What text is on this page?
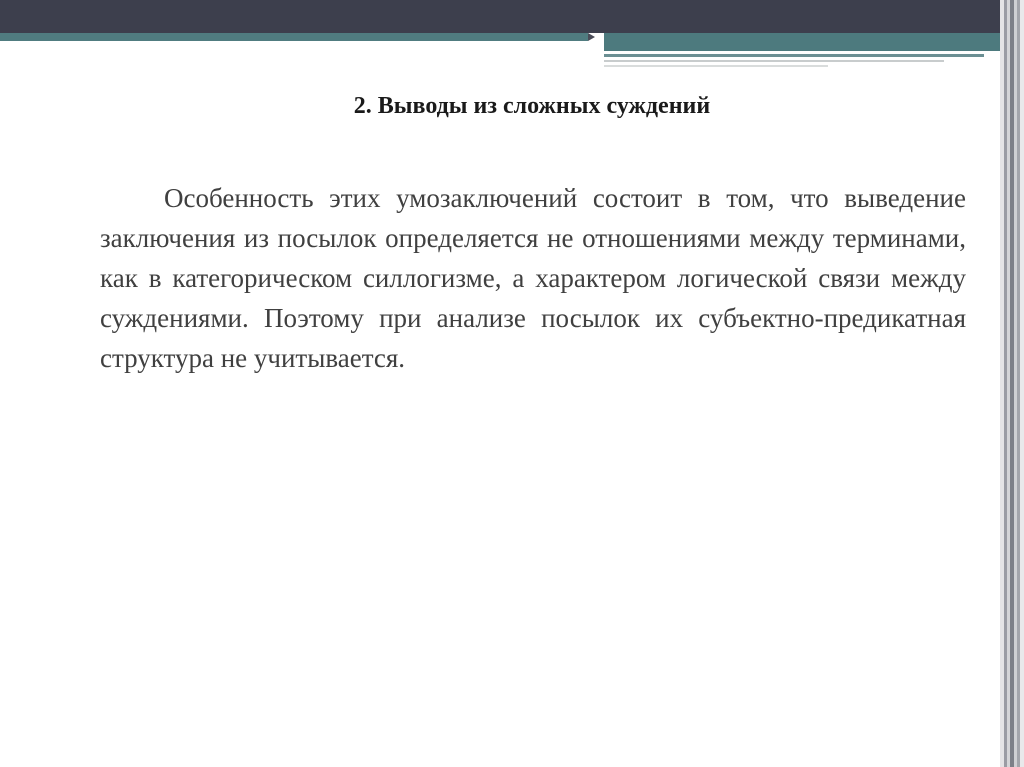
2. Выводы из сложных суждений

Особенность этих умозаключений состоит в том, что выведение заключения из посылок определяется не отношениями между терминами, как в категорическом силлогизме, а характером логической связи между суждениями. Поэтому при анализе посылок их субъектно-предикатная структура не учитывается.
